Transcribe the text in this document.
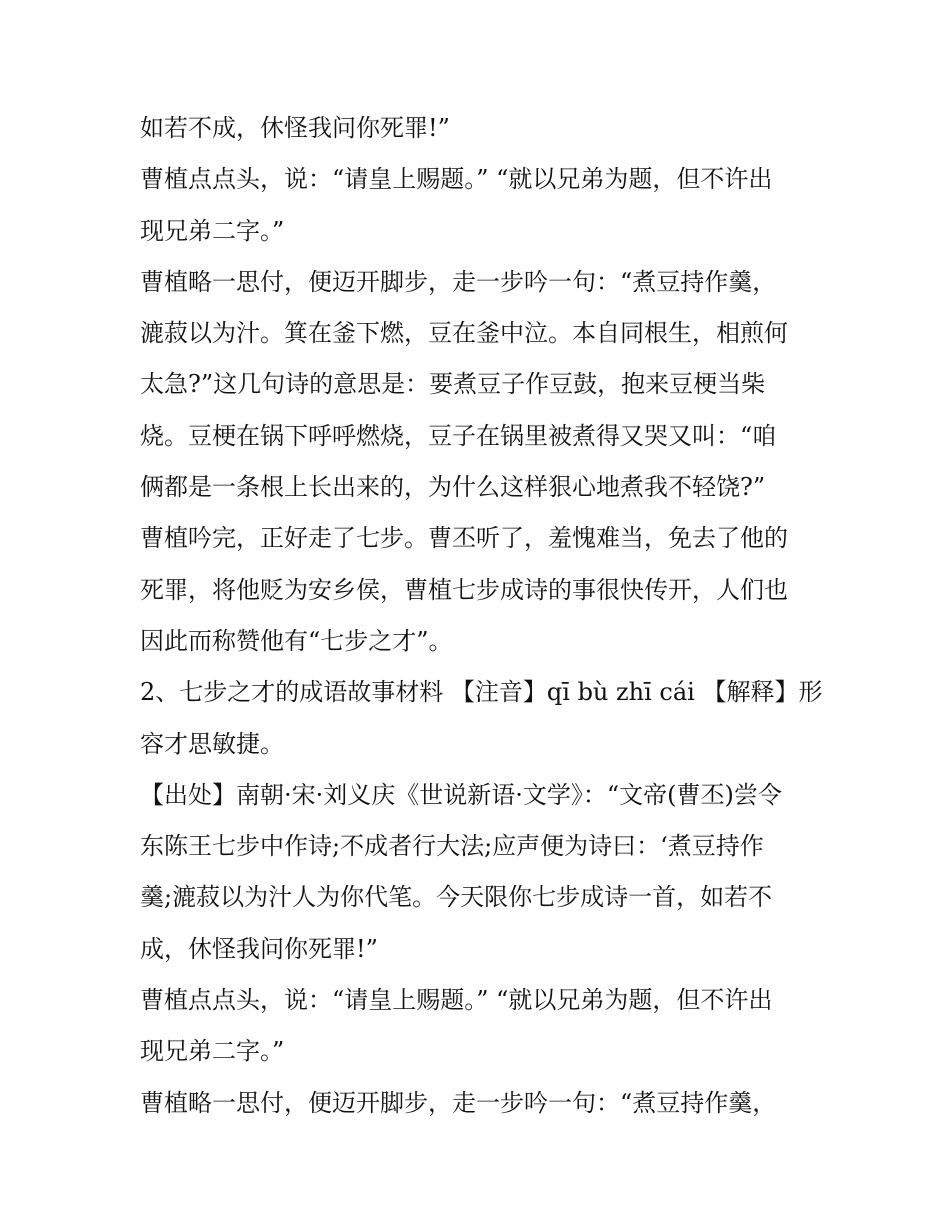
如若不成，休怪我问你死罪!”
曹植点点头，说：“请皇上赐题。” “就以兄弟为题，但不许出
现兄弟二字。”
曹植略一思付，便迈开脚步，走一步吟一句：“煮豆持作羹，
漉菽以为汁。箕在釜下燃，豆在釜中泣。本自同根生，相煎何
太急?”这几句诗的意思是：要煮豆子作豆鼓，抱来豆梗当柴
烧。豆梗在锅下呼呼燃烧，豆子在锅里被煮得又哭又叫：“咱
俩都是一条根上长出来的，为什么这样狠心地煮我不轻饶?”
曹植吟完，正好走了七步。曹丕听了，羞愧难当，免去了他的
死罪，将他贬为安乡侯，曹植七步成诗的事很快传开，人们也
因此而称赞他有“七步之才”。
2、七步之才的成语故事材料 【注音】qī bù zhī cái 【解释】形
容才思敏捷。
【出处】南朝·宋·刘义庆《世说新语·文学》：“文帝(曹丕)尝令
东陈王七步中作诗;不成者行大法;应声便为诗曰：‘煮豆持作
羹;漉菽以为汁人为你代笔。今天限你七步成诗一首，如若不
成，休怪我问你死罪!”
曹植点点头，说：“请皇上赐题。” “就以兄弟为题，但不许出
现兄弟二字。”
曹植略一思付，便迈开脚步，走一步吟一句：“煮豆持作羹，
